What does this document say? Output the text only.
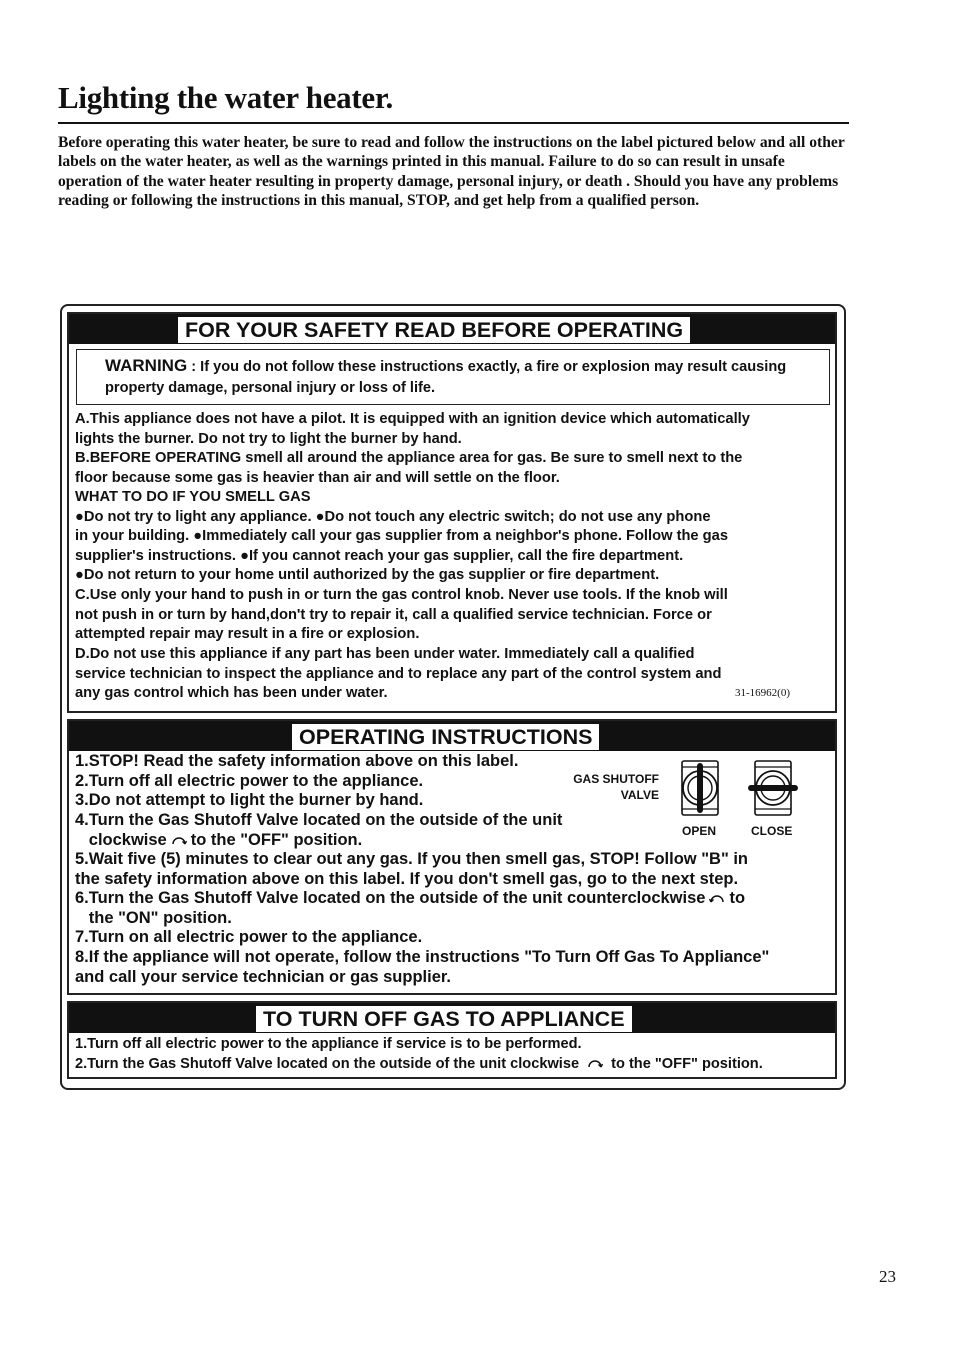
Lighting the water heater.
Before operating this water heater, be sure to read and follow the instructions on the label pictured below and all other labels on the water heater, as well as the warnings printed in this manual. Failure to do so can result in unsafe operation of the water heater resulting in property damage, personal injury, or death . Should you have any problems reading or following the instructions in this manual, STOP, and get help from a qualified person.
FOR YOUR SAFETY READ BEFORE OPERATING
WARNING : If you do not follow these instructions exactly, a fire or explosion may result causing property damage, personal injury or loss of life.
A.This appliance does not have a pilot. It is equipped with an ignition device which automatically
lights the burner. Do not try to light the burner by hand.
B.BEFORE OPERATING smell all around the appliance area for gas. Be sure to smell next to the
floor because some gas is heavier than air and will settle on the floor.
WHAT TO DO IF YOU SMELL GAS
●Do not try to light any appliance. ●Do not touch any electric switch; do not use any phone
in your building. ●Immediately call your gas supplier from a neighbor's phone. Follow the gas
supplier's instructions. ●If you cannot reach your gas supplier, call the fire department.
●Do not return to your home until authorized by the gas supplier or fire department.
C.Use only your hand to push in or turn the gas control knob. Never use tools. If the knob will
not push in or turn by hand,don't try to repair it, call a qualified service technician. Force or
attempted repair may result in a fire or explosion.
D.Do not use this appliance if any part has been under water. Immediately call a qualified
service technician to inspect the appliance and to replace any part of the control system and
any gas control which has been under water.	31-16962(0)
OPERATING INSTRUCTIONS
1.STOP! Read the safety information above on this label.
2.Turn off all electric power to the appliance.
3.Do not attempt to light the burner by hand.
4.Turn the Gas Shutoff Valve located on the outside of the unit
clockwise to the "OFF" position.
5.Wait five (5) minutes to clear out any gas. If you then smell gas, STOP! Follow "B" in
the safety information above on this label. If you don't smell gas, go to the next step.
6.Turn the Gas Shutoff Valve located on the outside of the unit counterclockwise to
the "ON" position.
7.Turn on all electric power to the appliance.
8.If the appliance will not operate, follow the instructions "To Turn Off Gas To Appliance"
and call your service technician or gas supplier.
GAS SHUTOFF
VALVE
OPEN	CLOSE
TO TURN OFF GAS TO APPLIANCE
1.Turn off all electric power to the appliance if service is to be performed.
2.Turn the Gas Shutoff Valve located on the outside of the unit clockwise to the "OFF" position.
23
